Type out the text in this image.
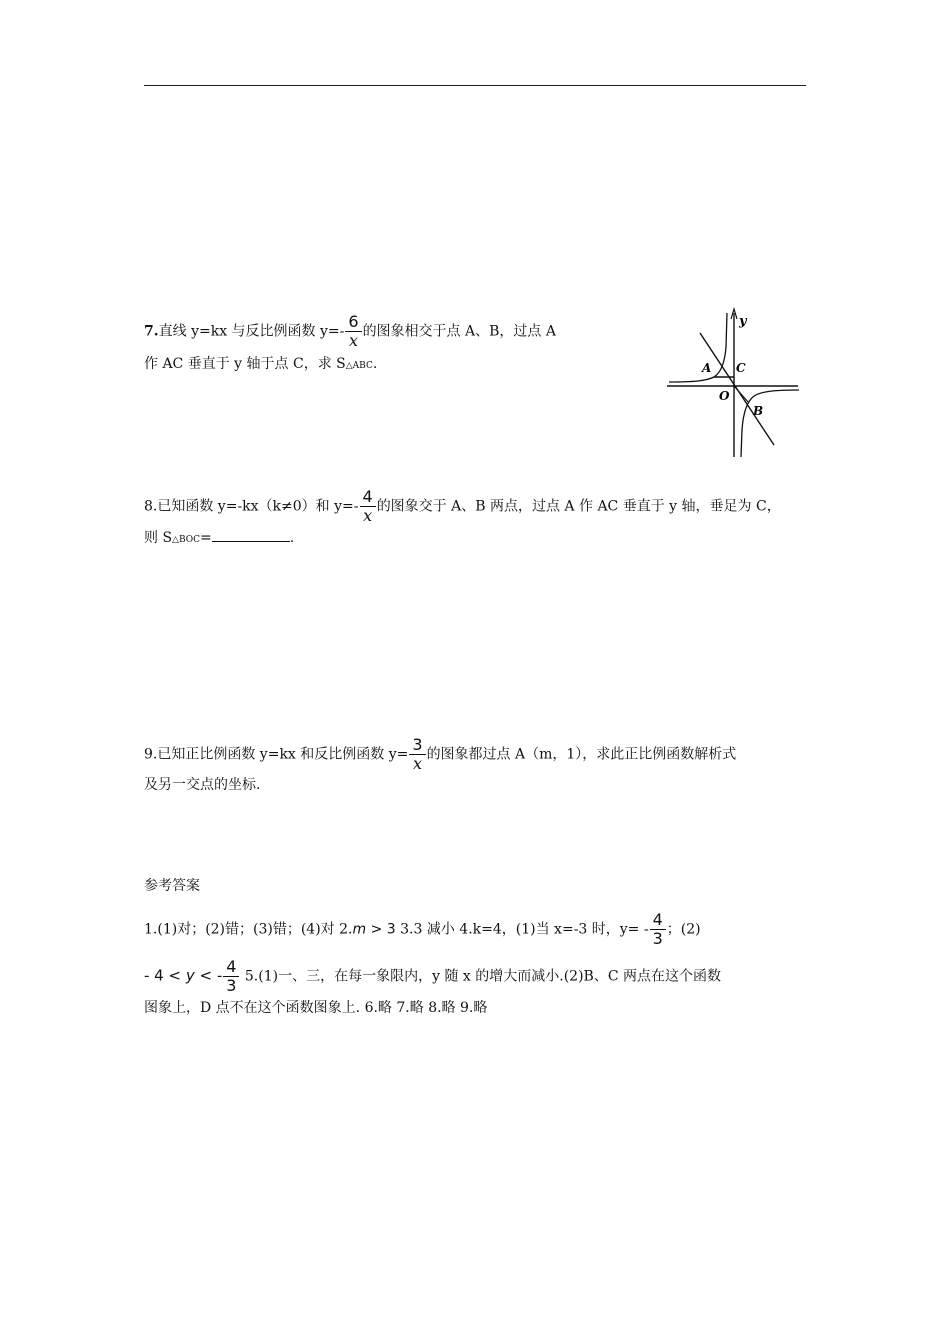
7.直线 y=kx 与反比例函数 $y=- \frac{6}{x}$ 的图象相交于点 A、B，过点 A
作 AC 垂直于 y 轴于点 C，求 S△ABC.
y
A C
O
B
8.已知函数 y=-kx（k≠0）和 $y=- \frac{4}{x}$ 的图象交于 A、B 两点，过点 A 作 AC 垂直于 y 轴，垂足为 C，
则 S△BOC=	.
9.已知正比例函数 y=kx 和反比例函数 $y= \frac{3}{x}$ 的图象都过点 A（m，1），求此正比例函数解析式
及另一交点的坐标.
参考答案
1.(1)对；(2)错；(3)错；(4)对 2.m > 3 3.3 减小 4.k=4，(1)当 x=-3 时，$y= - \frac{4}{3}$ ；(2)
- 4 < y < - $\frac{4}{3} 5.(1)$一、三，在每一象限内，y 随 x 的增大而减小.(2)B、C 两点在这个函数
图象上，D 点不在这个函数图象上. 6.略 7.略 8.略 9.略
